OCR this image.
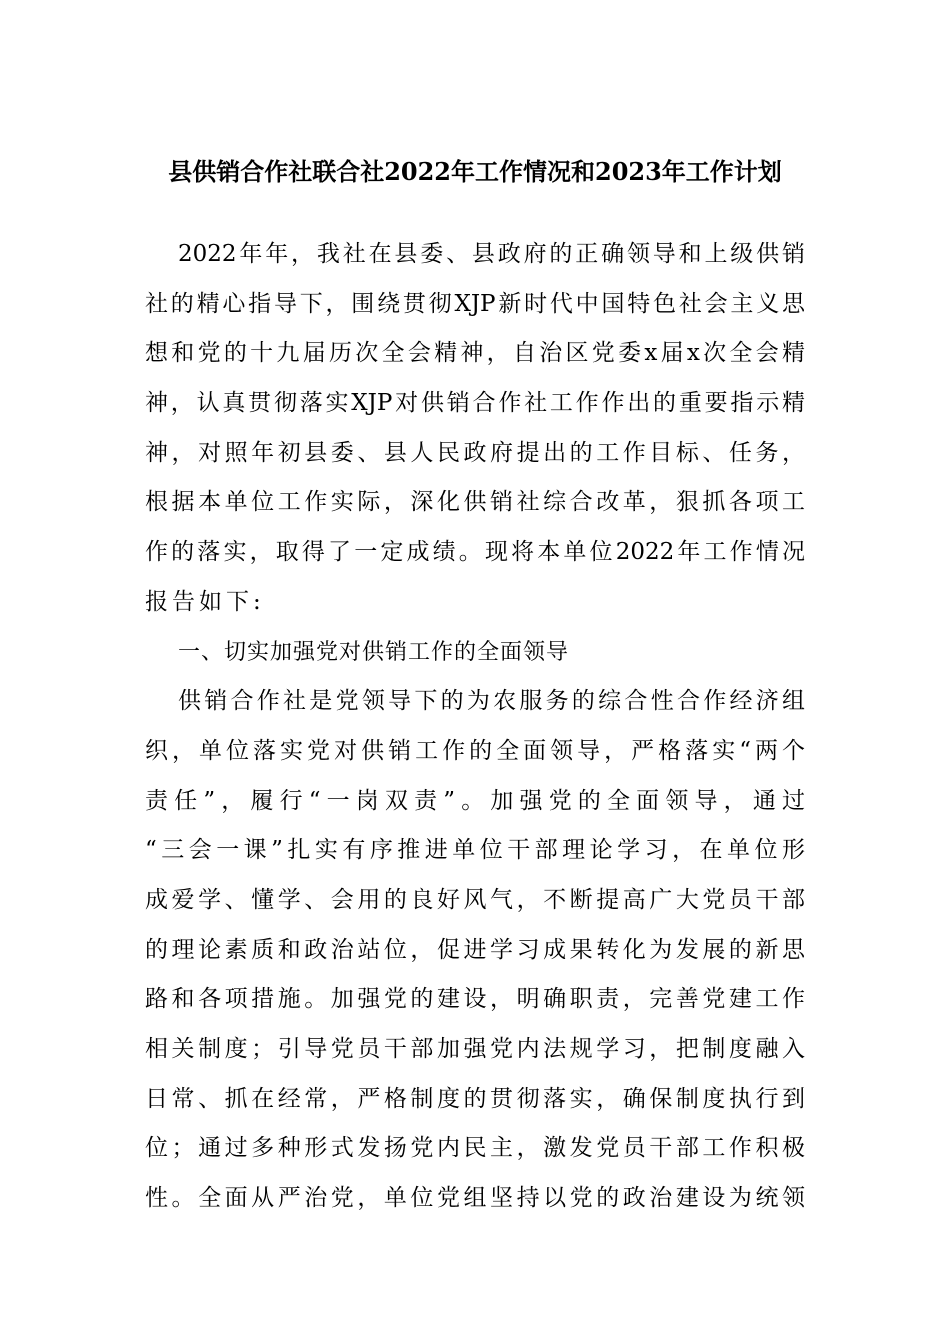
县供销合作社联合社2022年工作情况和2023年工作计划
2022年年，我社在县委、县政府的正确领导和上级供销
社的精心指导下，围绕贯彻XJP新时代中国特色社会主义思
想和党的十九届历次全会精神，自治区党委x届x次全会精
神，认真贯彻落实XJP对供销合作社工作作出的重要指示精
神，对照年初县委、县人民政府提出的工作目标、任务，
根据本单位工作实际，深化供销社综合改革，狠抓各项工
作的落实，取得了一定成绩。现将本单位2022年工作情况
报告如下:
一、切实加强党对供销工作的全面领导
供销合作社是党领导下的为农服务的综合性合作经济组
织，单位落实党对供销工作的全面领导，严格落实“两个
责任”，履行“一岗双责”。加强党的全面领导，通过
“三会一课”扎实有序推进单位干部理论学习，在单位形
成爱学、懂学、会用的良好风气，不断提高广大党员干部
的理论素质和政治站位，促进学习成果转化为发展的新思
路和各项措施。加强党的建设，明确职责，完善党建工作
相关制度；引导党员干部加强党内法规学习，把制度融入
日常、抓在经常，严格制度的贯彻落实，确保制度执行到
位；通过多种形式发扬党内民主，激发党员干部工作积极
性。全面从严治党，单位党组坚持以党的政治建设为统领
